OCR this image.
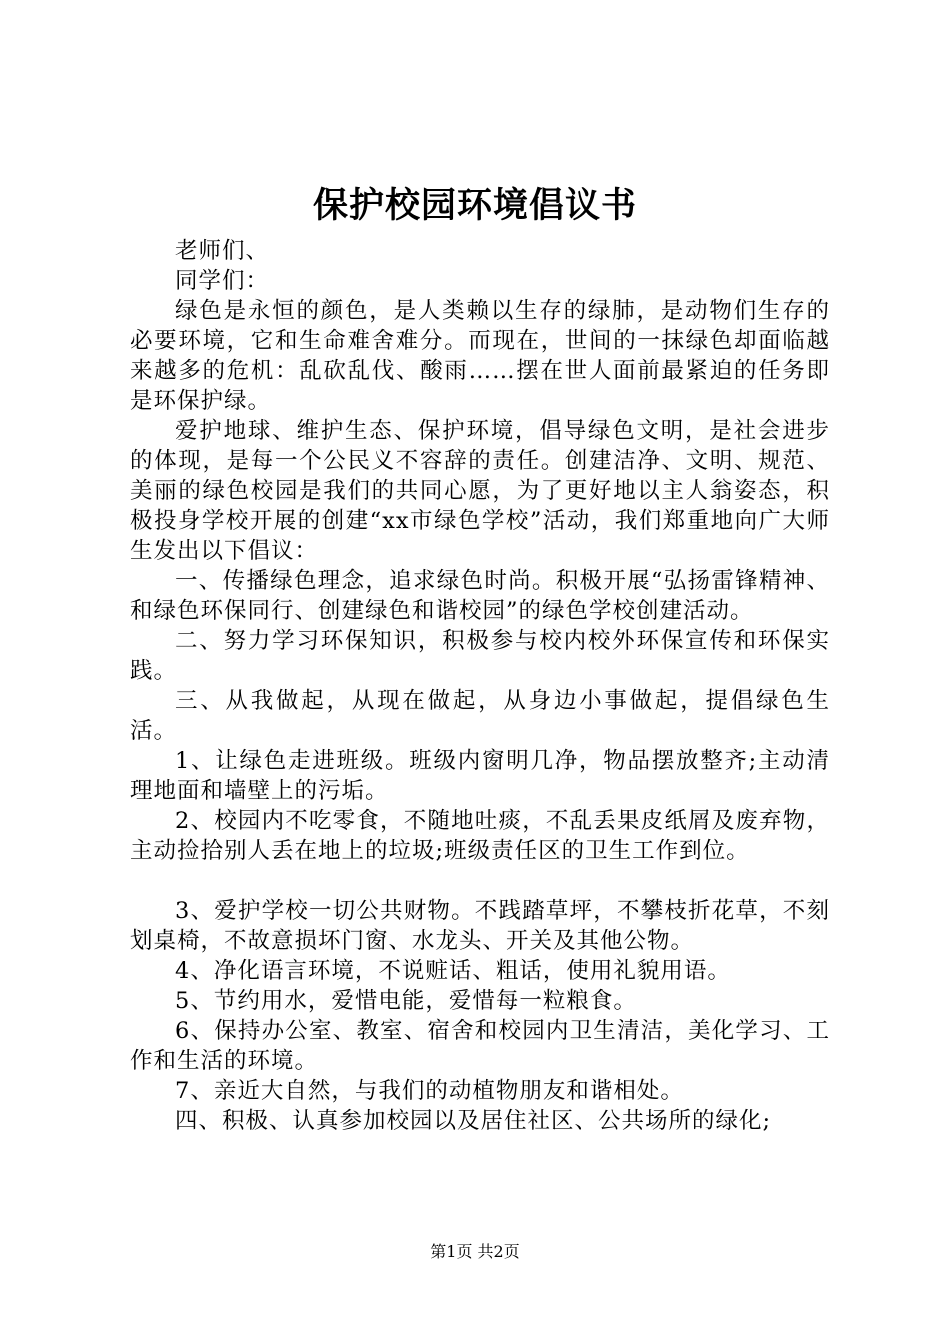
保护校园环境倡议书

老师们、

同学们：

绿色是永恒的颜色，是人类赖以生存的绿肺，是动物们生存的必要环境，它和生命难舍难分。而现在，世间的一抹绿色却面临越来越多的危机：乱砍乱伐、酸雨……摆在世人面前最紧迫的任务即是环保护绿。

爱护地球、维护生态、保护环境，倡导绿色文明，是社会进步的体现，是每一个公民义不容辞的责任。创建洁净、文明、规范、美丽的绿色校园是我们的共同心愿，为了更好地以主人翁姿态，积极投身学校开展的创建“xx市绿色学校”活动，我们郑重地向广大师生发出以下倡议：

一、传播绿色理念，追求绿色时尚。积极开展“弘扬雷锋精神、和绿色环保同行、创建绿色和谐校园”的绿色学校创建活动。

二、努力学习环保知识，积极参与校内校外环保宣传和环保实践。

三、从我做起，从现在做起，从身边小事做起，提倡绿色生活。

1、让绿色走进班级。班级内窗明几净，物品摆放整齐;主动清理地面和墙壁上的污垢。

2、校园内不吃零食，不随地吐痰，不乱丢果皮纸屑及废弃物，主动捡拾别人丢在地上的垃圾;班级责任区的卫生工作到位。

3、爱护学校一切公共财物。不践踏草坪，不攀枝折花草，不刻划桌椅，不故意损坏门窗、水龙头、开关及其他公物。

4、净化语言环境，不说赃话、粗话，使用礼貌用语。

5、节约用水，爱惜电能，爱惜每一粒粮食。

6、保持办公室、教室、宿舍和校园内卫生清洁，美化学习、工作和生活的环境。

7、亲近大自然，与我们的动植物朋友和谐相处。

四、积极、认真参加校园以及居住社区、公共场所的绿化;

第1页 共2页
